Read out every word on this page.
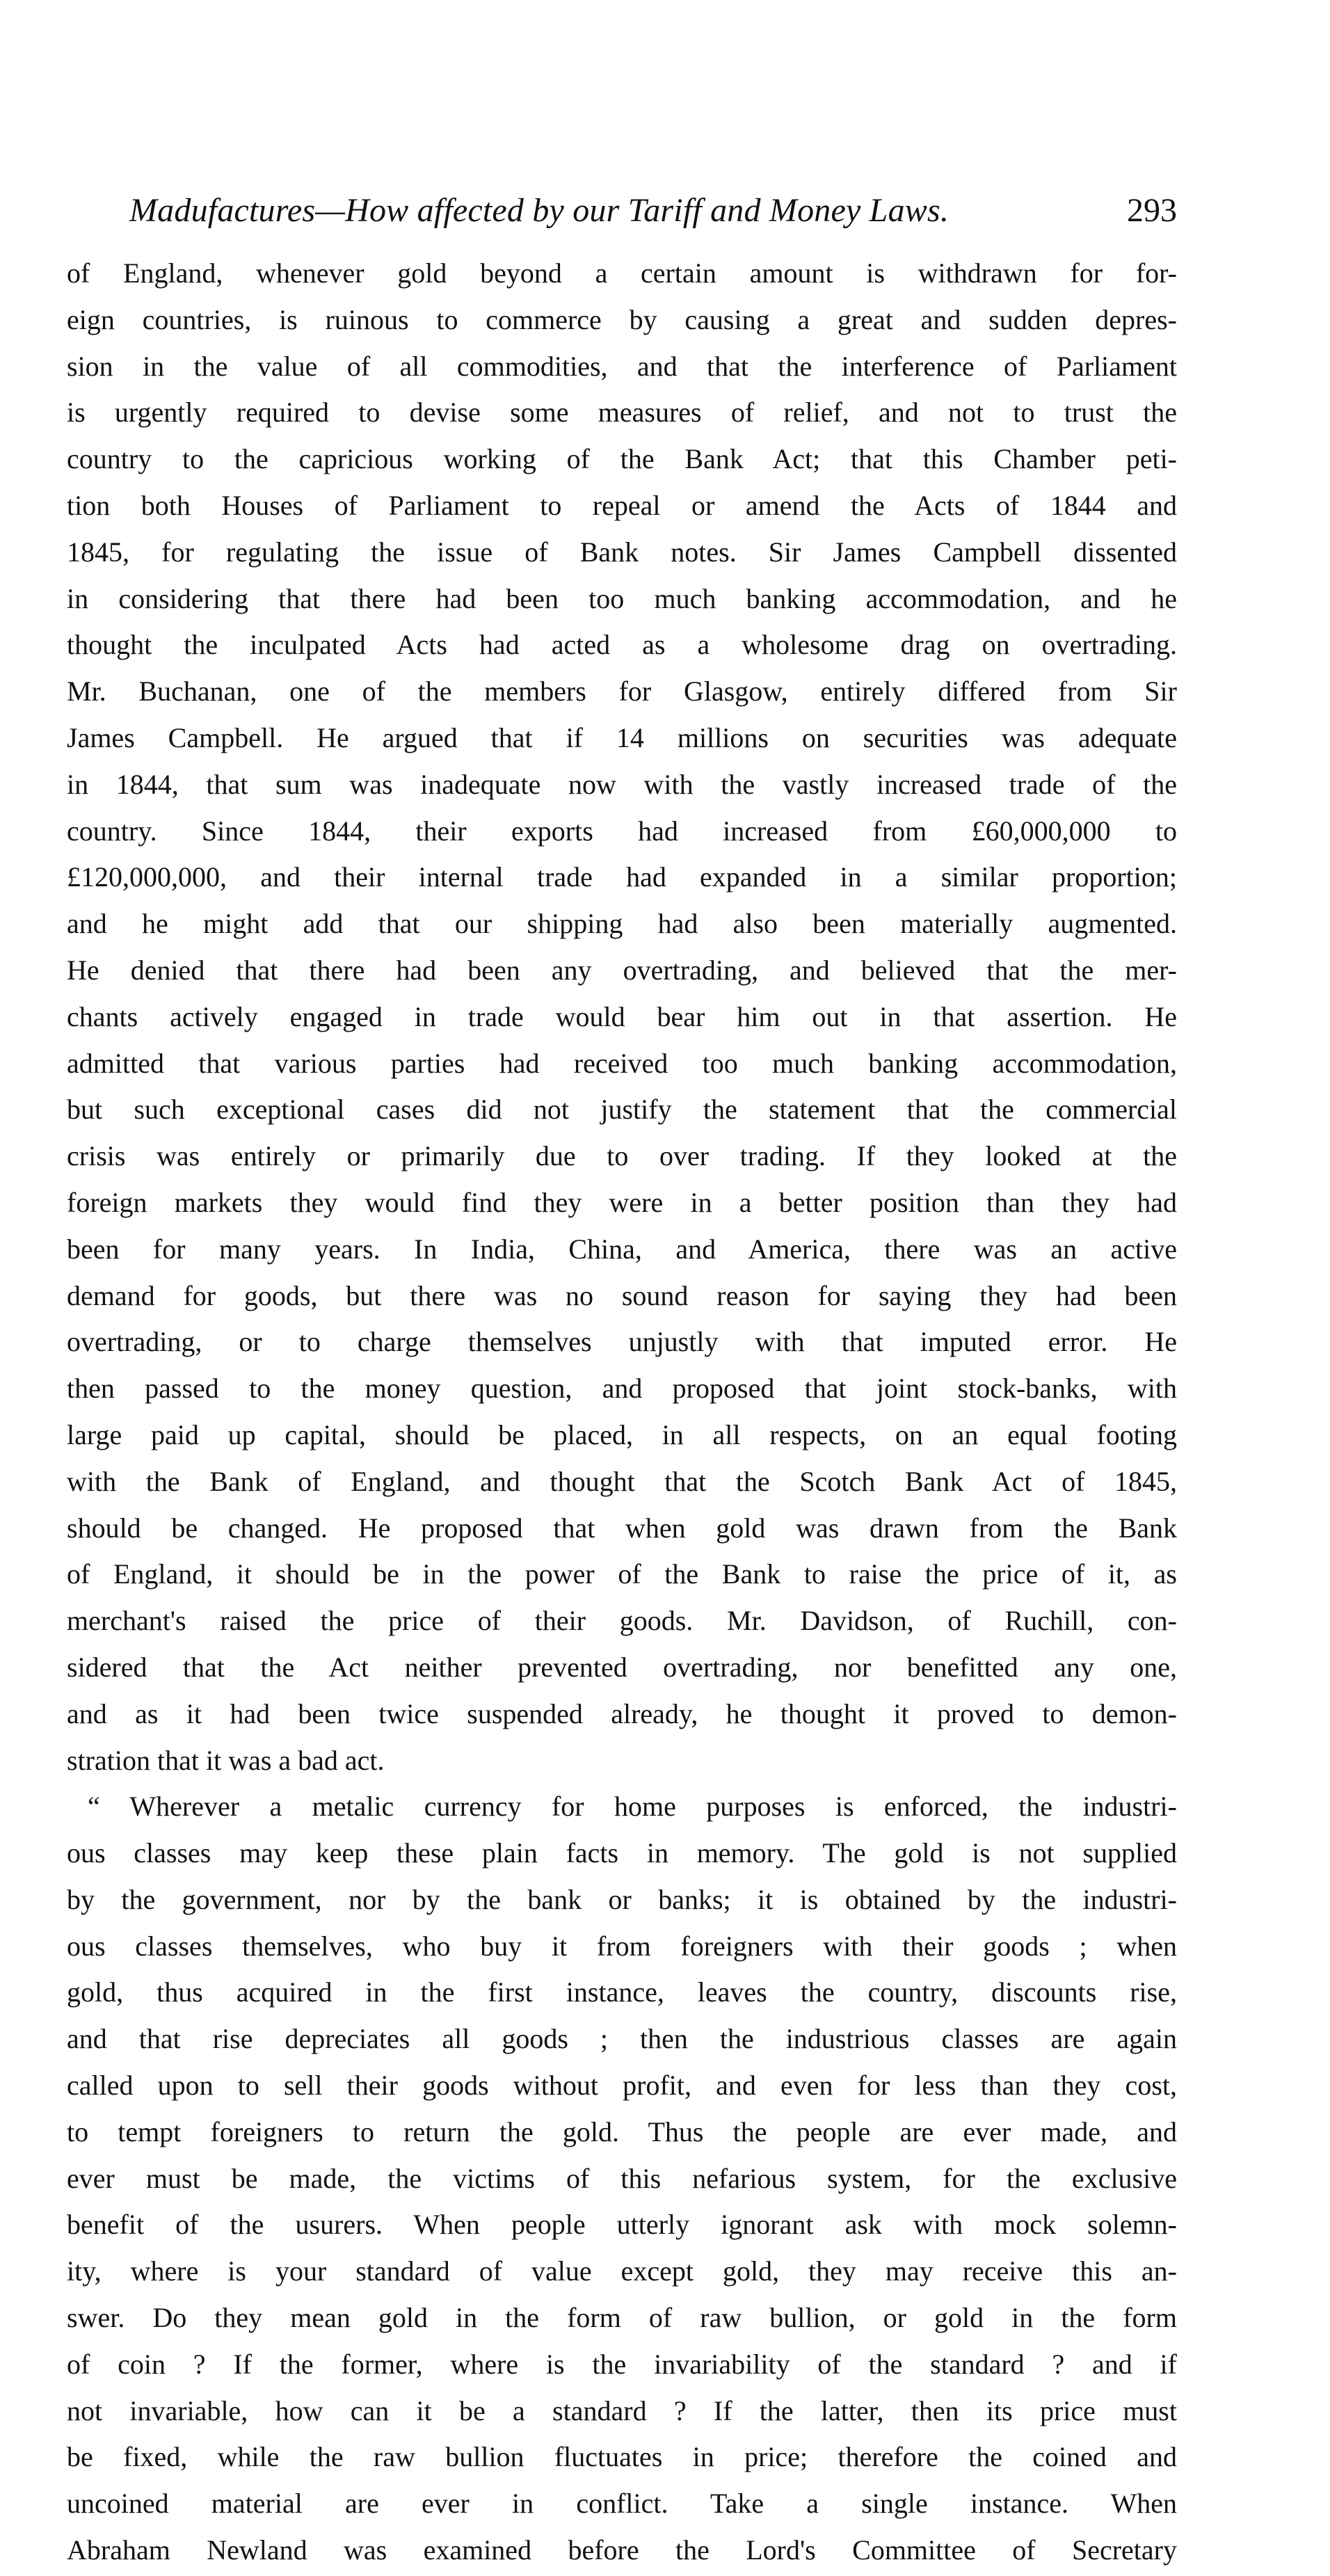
Madufactures—How affected by our Tariff and Money Laws.	293
of England, whenever gold beyond a certain amount is withdrawn for for-
eign countries, is ruinous to commerce by causing a great and sudden depres-
sion in the value of all commodities, and that the interference of Parliament
is urgently required to devise some measures of relief, and not to trust the
country to the capricious working of the Bank Act; that this Chamber peti-
tion both Houses of Parliament to repeal or amend the Acts of 1844 and
1845, for regulating the issue of Bank notes. Sir James Campbell dissented
in considering that there had been too much banking accommodation, and he
thought the inculpated Acts had acted as a wholesome drag on overtrading.
Mr. Buchanan, one of the members for Glasgow, entirely differed from Sir
James Campbell. He argued that if 14 millions on securities was adequate
in 1844, that sum was inadequate now with the vastly increased trade of the
country. Since 1844, their exports had increased from £60,000,000 to
£120,000,000, and their internal trade had expanded in a similar proportion;
and he might add that our shipping had also been materially augmented.
He denied that there had been any overtrading, and believed that the mer-
chants actively engaged in trade would bear him out in that assertion. He
admitted that various parties had received too much banking accommodation,
but such exceptional cases did not justify the statement that the commercial
crisis was entirely or primarily due to over trading. If they looked at the
foreign markets they would find they were in a better position than they had
been for many years. In India, China, and America, there was an active
demand for goods, but there was no sound reason for saying they had been
overtrading, or to charge themselves unjustly with that imputed error. He
then passed to the money question, and proposed that joint stock-banks, with
large paid up capital, should be placed, in all respects, on an equal footing
with the Bank of England, and thought that the Scotch Bank Act of 1845,
should be changed. He proposed that when gold was drawn from the Bank
of England, it should be in the power of the Bank to raise the price of it, as
merchant's raised the price of their goods. Mr. Davidson, of Ruchill, con-
sidered that the Act neither prevented overtrading, nor benefitted any one,
and as it had been twice suspended already, he thought it proved to demon-
stration that it was a bad act.
“ Wherever a metalic currency for home purposes is enforced, the industri-
ous classes may keep these plain facts in memory. The gold is not supplied
by the government, nor by the bank or banks; it is obtained by the industri-
ous classes themselves, who buy it from foreigners with their goods ; when
gold, thus acquired in the first instance, leaves the country, discounts rise,
and that rise depreciates all goods ; then the industrious classes are again
called upon to sell their goods without profit, and even for less than they cost,
to tempt foreigners to return the gold. Thus the people are ever made, and
ever must be made, the victims of this nefarious system, for the exclusive
benefit of the usurers. When people utterly ignorant ask with mock solemn-
ity, where is your standard of value except gold, they may receive this an-
swer. Do they mean gold in the form of raw bullion, or gold in the form
of coin ? If the former, where is the invariability of the standard ? and if
not invariable, how can it be a standard ? If the latter, then its price must
be fixed, while the raw bullion fluctuates in price; therefore the coined and
uncoined material are ever in conflict. Take a single instance. When
Abraham Newland was examined before the Lord's Committee of Secretary
